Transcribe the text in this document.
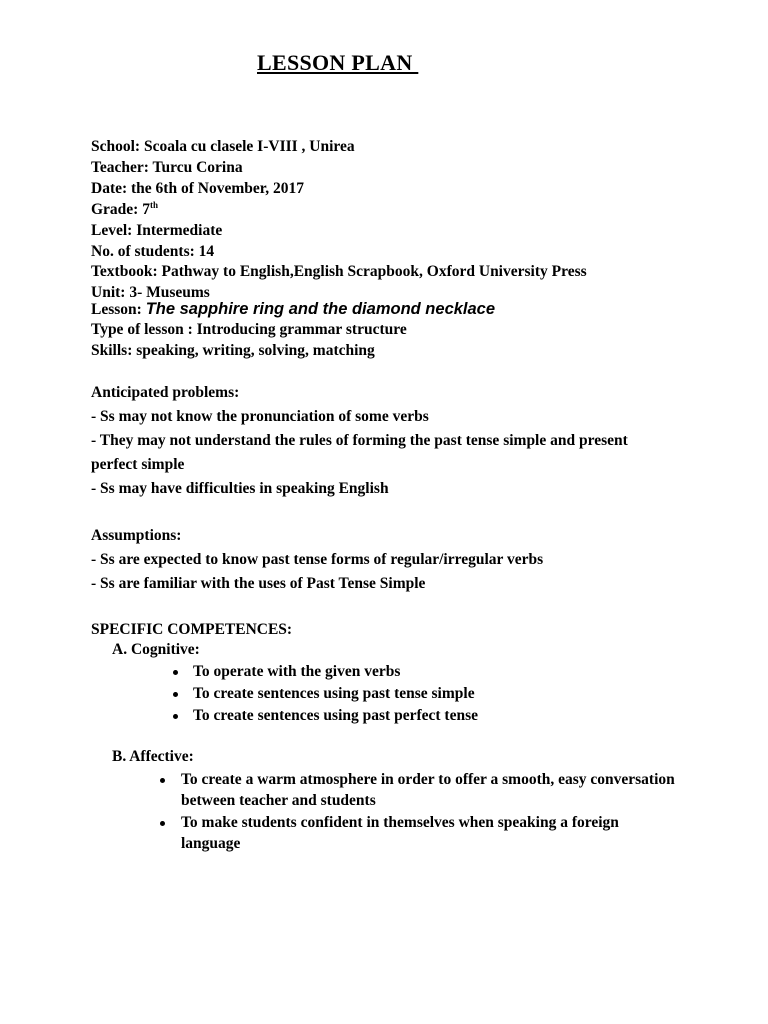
LESSON PLAN
School: Scoala cu clasele I-VIII , Unirea
Teacher: Turcu Corina
Date: the 6th of November, 2017
Grade: 7th
Level: Intermediate
No. of students: 14
Textbook: Pathway to English,English Scrapbook, Oxford University Press
Unit: 3- Museums
Lesson: The sapphire ring and the diamond necklace
Type of lesson : Introducing grammar structure
Skills: speaking, writing, solving, matching
Anticipated problems:
- Ss may not know the pronunciation of some verbs
- They may not understand the rules of forming the past tense simple and present
perfect simple
- Ss may have difficulties in speaking English
Assumptions:
- Ss are expected to know past tense forms of regular/irregular verbs
- Ss are familiar with the uses of Past Tense Simple
SPECIFIC COMPETENCES:
A. Cognitive:
To operate with the given verbs
To create sentences using past tense simple
To create sentences using past perfect tense
B. Affective:
To create a warm atmosphere in order to offer a smooth, easy conversation
between teacher and students
To make students confident in themselves when speaking a foreign
language
